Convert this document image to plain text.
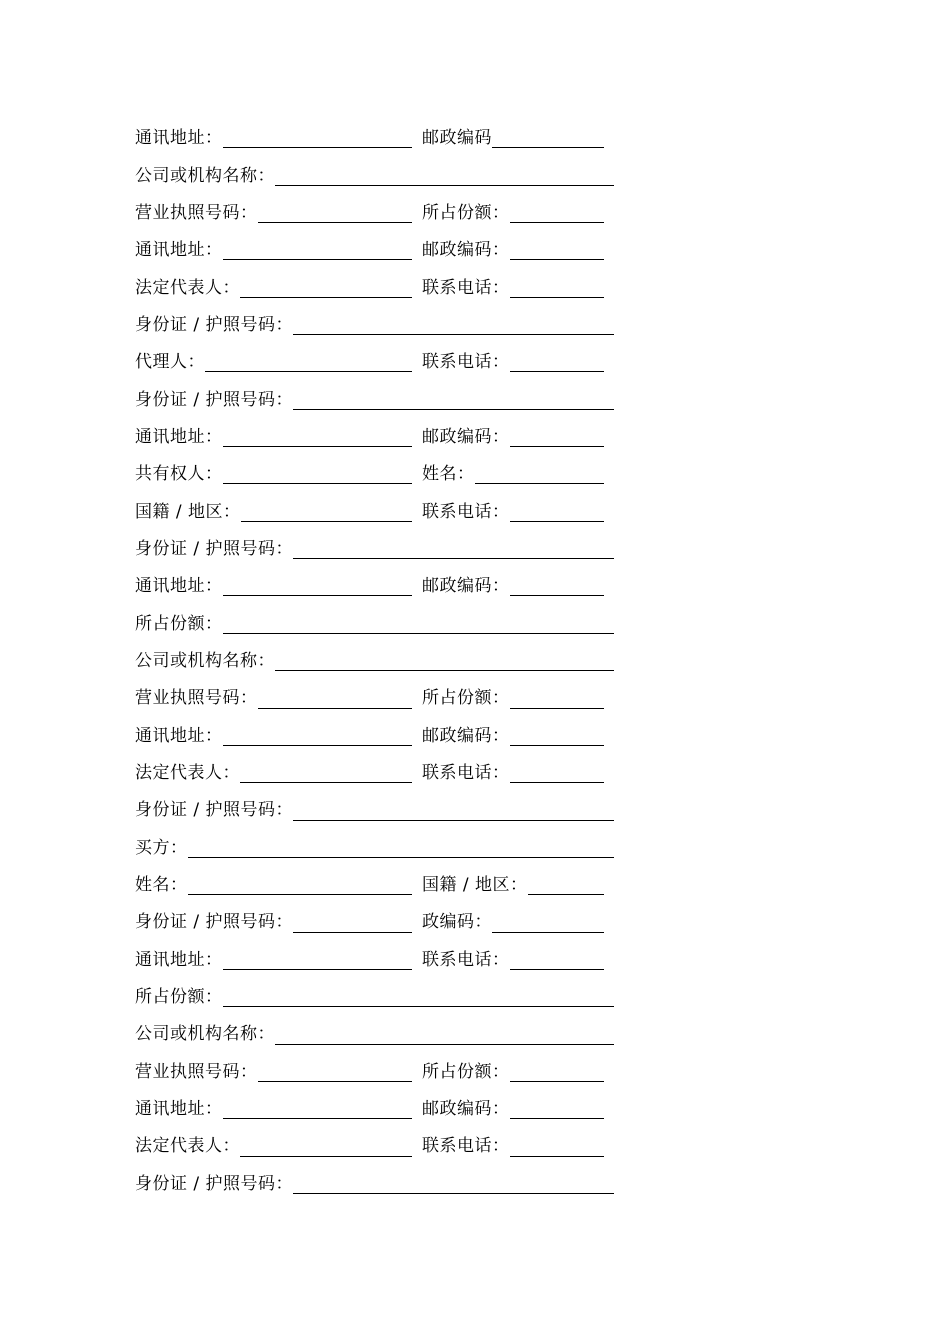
通讯地址：	邮政编码
公司或机构名称：
营业执照号码：	所占份额：
通讯地址：	邮政编码：
法定代表人：	联系电话：
身份证 / 护照号码：
代理人：	联系电话：
身份证 / 护照号码：
通讯地址：	邮政编码：
共有权人：	姓名：
国籍 / 地区：	联系电话：
身份证 / 护照号码：
通讯地址：	邮政编码：
所占份额：
公司或机构名称：
营业执照号码：	所占份额：
通讯地址：	邮政编码：
法定代表人：	联系电话：
身份证 / 护照号码：
买方：
姓名：	国籍 / 地区：
身份证 / 护照号码：	政编码：
通讯地址：	联系电话：
所占份额：
公司或机构名称：
营业执照号码：	所占份额：
通讯地址：	邮政编码：
法定代表人：	联系电话：
身份证 / 护照号码：
